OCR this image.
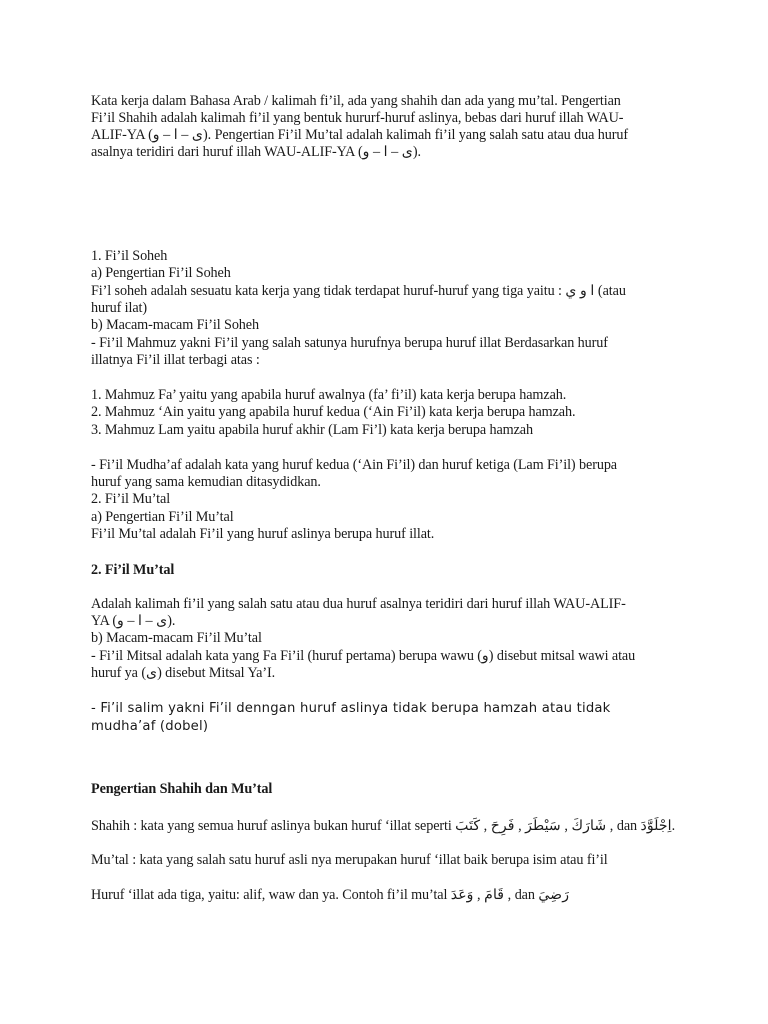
Kata kerja dalam Bahasa Arab / kalimah fi’il, ada yang shahih dan ada yang mu’tal. Pengertian
Fi’il Shahih adalah kalimah fi’il yang bentuk hururf-huruf aslinya, bebas dari huruf illah WAU-
ALIF-YA (ى – ا – و). Pengertian Fi’il Mu’tal adalah kalimah fi’il yang salah satu atau dua huruf
asalnya teridiri dari huruf illah WAU-ALIF-YA (ى – ا – و).
1. Fi’il Soheh
a) Pengertian Fi’il Soheh
Fi’l soheh adalah sesuatu kata kerja yang tidak terdapat huruf-huruf yang tiga yaitu : ا و ي (atau
huruf ilat)
b) Macam-macam Fi’il Soheh
- Fi’il Mahmuz yakni Fi’il yang salah satunya hurufnya berupa huruf illat Berdasarkan huruf
illatnya Fi’il illat terbagi atas :
1. Mahmuz Fa’ yaitu yang apabila huruf awalnya (fa’ fi’il) kata kerja berupa hamzah.
2. Mahmuz ‘Ain yaitu yang apabila huruf kedua (‘Ain Fi’il) kata kerja berupa hamzah.
3. Mahmuz Lam yaitu apabila huruf akhir (Lam Fi’l) kata kerja berupa hamzah
- Fi’il Mudha’af adalah kata yang huruf kedua (‘Ain Fi’il) dan huruf ketiga (Lam Fi’il) berupa
huruf yang sama kemudian ditasydidkan.
2. Fi’il Mu’tal
a) Pengertian Fi’il Mu’tal
Fi’il Mu’tal adalah Fi’il yang huruf aslinya berupa huruf illat.
2. Fi’il Mu’tal
Adalah kalimah fi’il yang salah satu atau dua huruf asalnya teridiri dari huruf illah WAU-ALIF-
YA (ى – ا – و).
b) Macam-macam Fi’il Mu’tal
- Fi’il Mitsal adalah kata yang Fa Fi’il (huruf pertama) berupa wawu (و) disebut mitsal wawi atau
huruf ya (ى) disebut Mitsal Ya’I.
- Fi’il salim yakni Fi’il denngan huruf aslinya tidak berupa hamzah atau tidak
mudha’af (dobel)
Pengertian Shahih dan Mu’tal
Shahih : kata yang semua huruf aslinya bukan huruf ‘illat seperti شَارَكَ , سَيْطَرَ , فَرِحَ , كَتَبَ , dan اِجْلَوَّدَ.
Mu’tal : kata yang salah satu huruf asli nya merupakan huruf ‘illat baik berupa isim atau fi’il
Huruf ‘illat ada tiga, yaitu: alif, waw dan ya. Contoh fi’il mu’tal قَامَ , وَعَدَ , dan رَضِيَ
